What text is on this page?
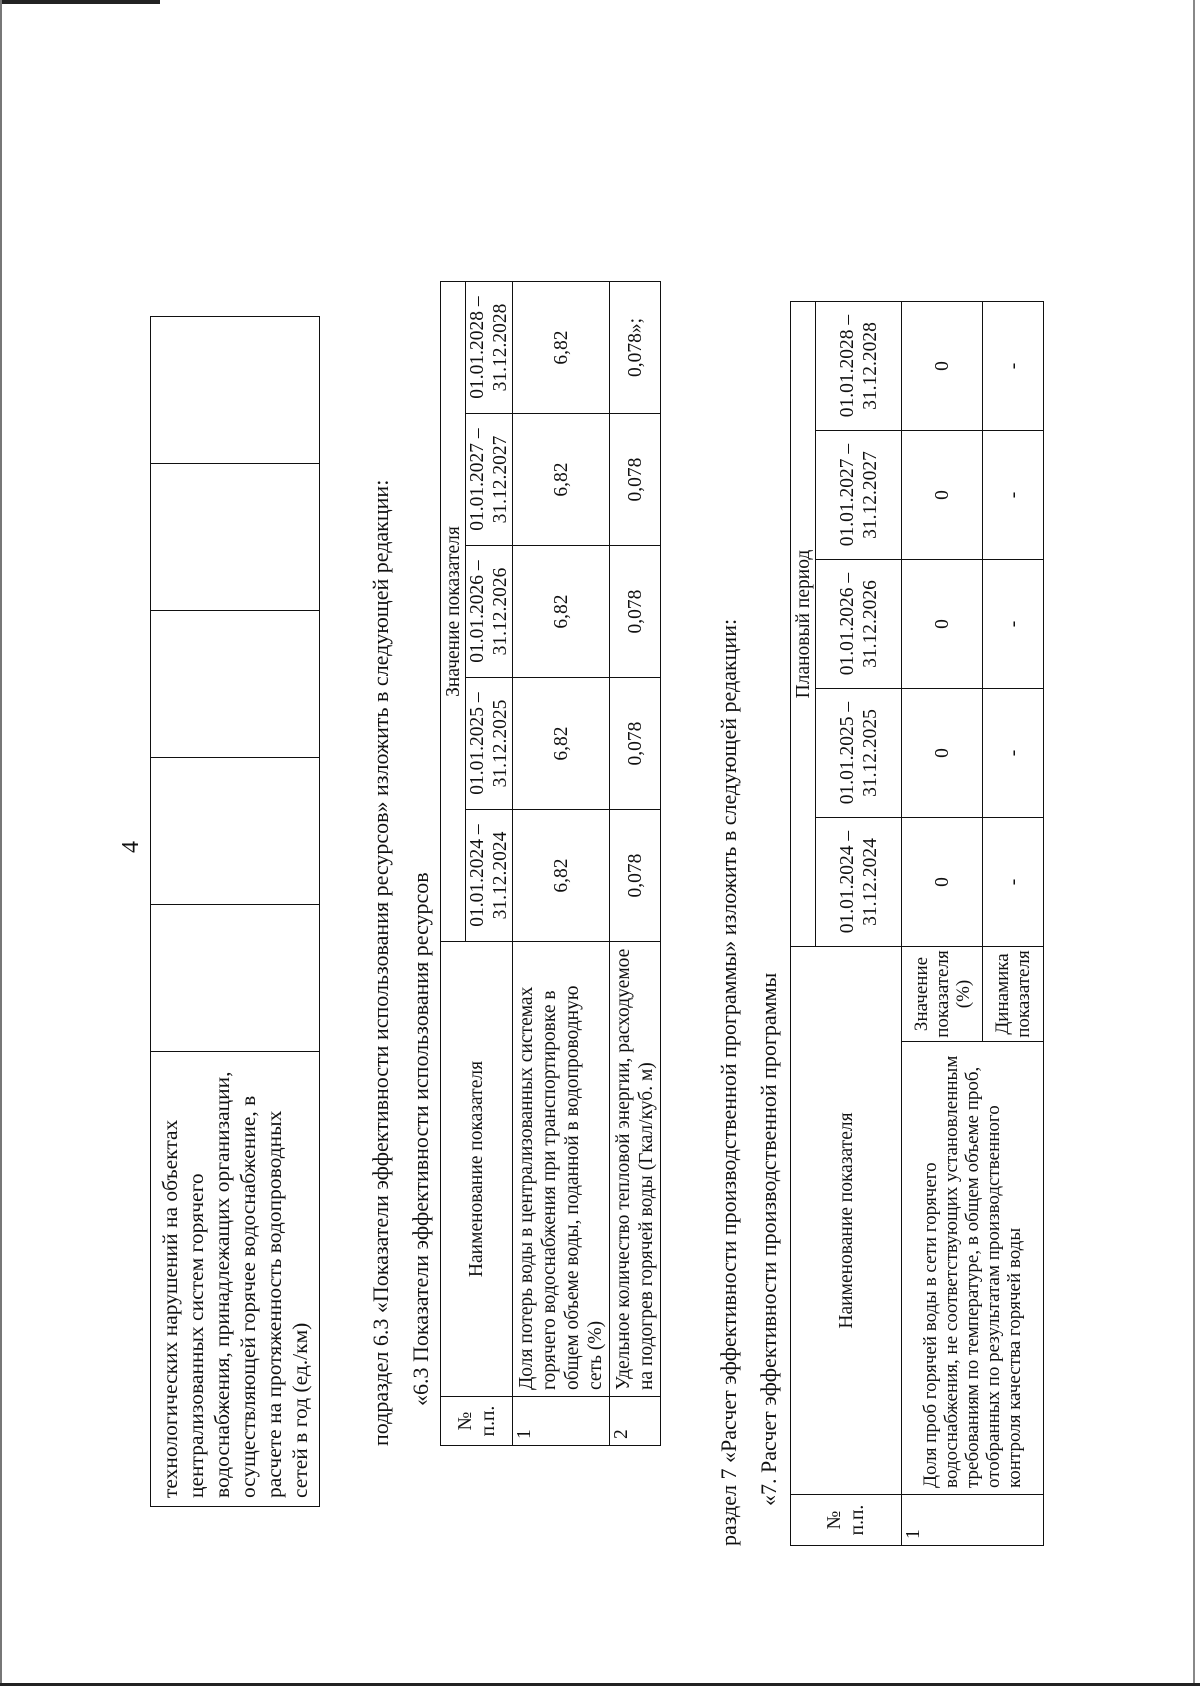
4
технологических нарушений на объектах централизованных систем горячего водоснабжения, принадлежащих организации, осуществляющей горячее водоснабжение, в расчете на протяженность водопроводных сетей в год (ед./км)						подраздел 6.3 «Показатели эффективности использования ресурсов» изложить в следующей редакции: «6.3 Показатели эффективности использования ресурсов
№ п.п.	Наименование показателя	Значение показателя				
		01.01.2024 – 31.12.2024	01.01.2025 – 31.12.2025	01.01.2026 – 31.12.2026	01.01.2027 – 31.12.2027	01.01.2028 – 31.12.2028
1	Доля потерь воды в централизованных системах горячего водоснабжения при транспортировке в общем объеме воды, поданной в водопроводную сеть (%)	6,82	6,82	6,82	6,82	6,82
2	Удельное количество тепловой энергии, расходуемое на подогрев горячей воды (Гкал/куб. м)	0,078	0,078	0,078	0,078	0,078»;
раздел 7 «Расчет эффективности производственной программы» изложить в следующей редакции: «7. Расчет эффективности производственной программы
№ п.п.	Наименование показателя		Плановый период				
			01.01.2024 – 31.12.2024	01.01.2025 – 31.12.2025	01.01.2026 – 31.12.2026	01.01.2027 – 31.12.2027	01.01.2028 – 31.12.2028
1	Доля проб горячей воды в сети горячего водоснабжения, не соответствующих установленным требованиям по температуре, в общем объеме проб, отобранных по результатам производственного контроля качества горячей воды	Значение показателя (%)	0	0	0	0	0
		Динамика показателя	-	-	-	-	-
